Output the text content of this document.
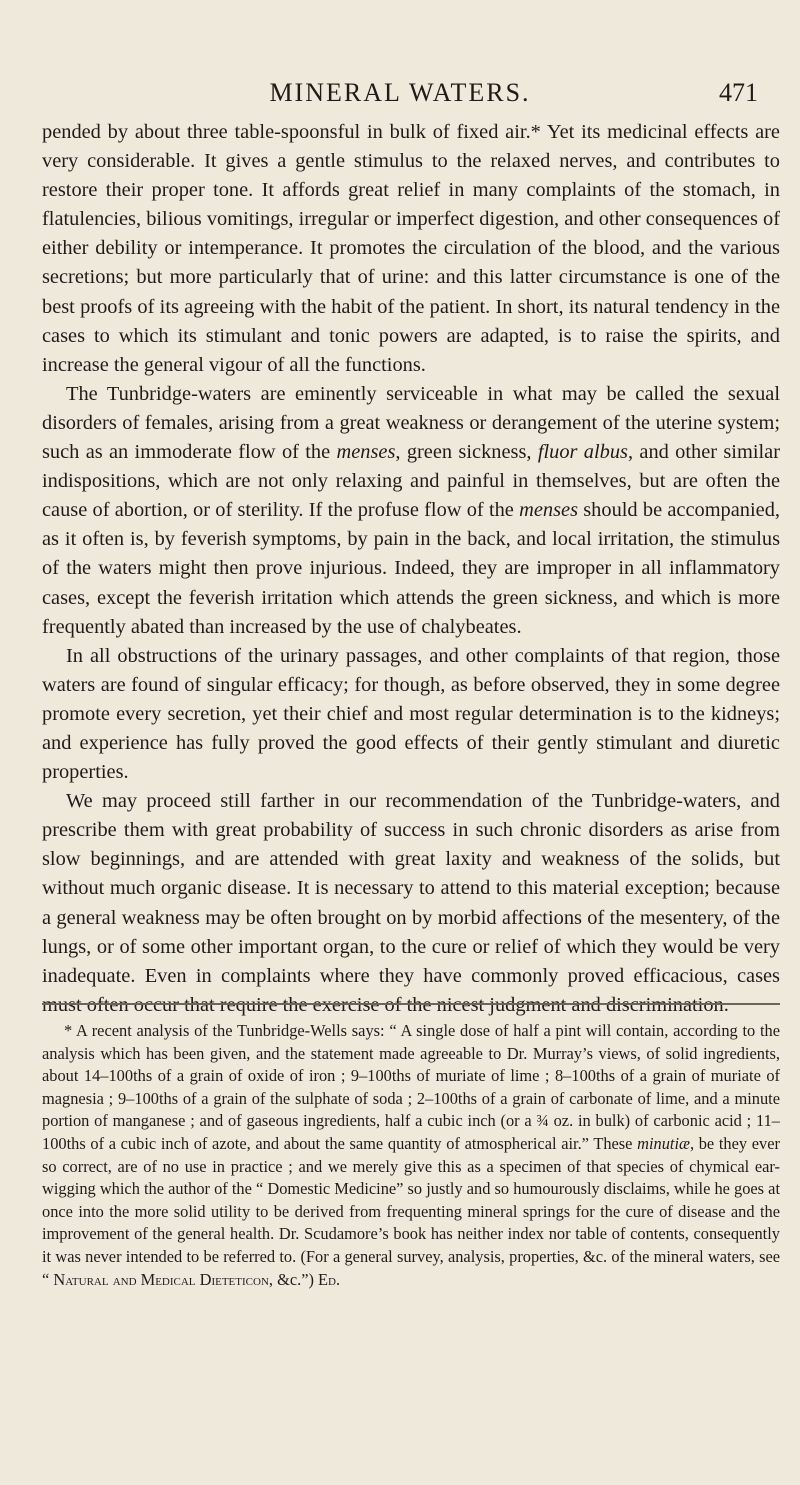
MINERAL WATERS.	471

pended by about three table-spoonsful in bulk of fixed air.* Yet its medicinal effects are very considerable. It gives a gentle stimulus to the relaxed nerves, and contributes to restore their proper tone. It affords great relief in many complaints of the stomach, in flatulencies, bilious vomitings, irregular or imperfect digestion, and other consequences of either debility or intemperance. It promotes the circulation of the blood, and the various secretions; but more particularly that of urine: and this latter circumstance is one of the best proofs of its agreeing with the habit of the patient. In short, its natural tendency in the cases to which its stimulant and tonic powers are adapted, is to raise the spirits, and increase the general vigour of all the functions.

The Tunbridge-waters are eminently serviceable in what may be called the sexual disorders of females, arising from a great weakness or derangement of the uterine system; such as an immoderate flow of the menses, green sickness, fluor albus, and other similar indispositions, which are not only relaxing and painful in themselves, but are often the cause of abortion, or of sterility. If the profuse flow of the menses should be accompanied, as it often is, by feverish symptoms, by pain in the back, and local irritation, the stimulus of the waters might then prove injurious. Indeed, they are improper in all inflammatory cases, except the feverish irritation which attends the green sickness, and which is more frequently abated than increased by the use of chalybeates.

In all obstructions of the urinary passages, and other complaints of that region, those waters are found of singular efficacy; for though, as before observed, they in some degree promote every secretion, yet their chief and most regular determination is to the kidneys; and experience has fully proved the good effects of their gently stimulant and diuretic properties.

We may proceed still farther in our recommendation of the Tunbridge-waters, and prescribe them with great probability of success in such chronic disorders as arise from slow beginnings, and are attended with great laxity and weakness of the solids, but without much organic disease. It is necessary to attend to this material exception; because a general weakness may be often brought on by morbid affections of the mesentery, of the lungs, or of some other important organ, to the cure or relief of which they would be very inadequate. Even in complaints where they have commonly proved efficacious, cases

* A recent analysis of the Tunbridge-Wells says: “ A single dose of half a pint will contain, according to the analysis which has been given, and the statement made agreeable to Dr. Murray’s views, of solid ingredients, about 14–100ths of a grain of oxide of iron ; 9–100ths of muriate of lime ; 8–100ths of a grain of muriate of magnesia ; 9–100ths of a grain of the sulphate of soda ; 2–100ths of a grain of carbonate of lime, and a minute portion of manganese ; and of gaseous ingredients, half a cubic inch (or a ¾ oz. in bulk) of carbonic acid ; 11–100ths of a cubic inch of azote, and about the same quantity of atmospherical air.” These minutiæ, be they ever so correct, are of no use in practice ; and we merely give this as a specimen of that species of chymical ear-wigging which the author of the “ Domestic Medicine” so justly and so humourously disclaims, while he goes at once into the more solid utility to be derived from frequenting mineral springs for the cure of disease and the improvement of the general health. Dr. Scudamore’s book has neither index nor table of contents, consequently it was never intended to be referred to. (For a general survey, analysis, properties, &c. of the mineral waters, see “ Natural and Medical Dieteticon, &c.”) Ed.
